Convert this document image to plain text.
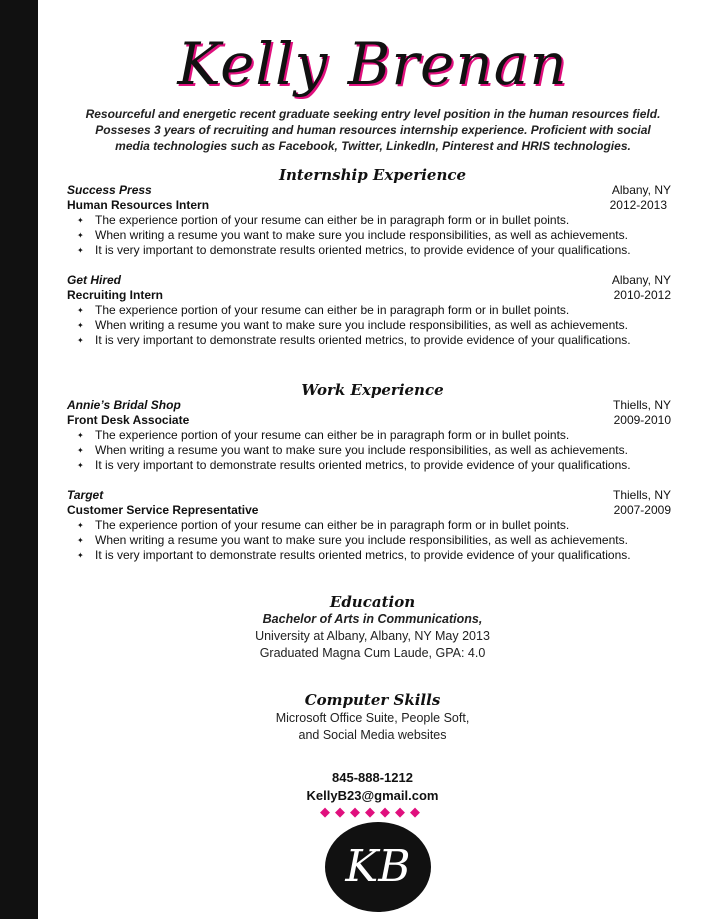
Kelly Brenan
Resourceful and energetic recent graduate seeking entry level position in the human resources field.
Posseses 3 years of recruiting and human resources internship experience. Proficient with social
media technologies such as Facebook, Twitter, LinkedIn, Pinterest and HRIS technologies.
Internship Experience
Success Press	Albany, NY
Human Resources Intern	2012-2013
✦ The experience portion of your resume can either be in paragraph form or in bullet points.
✦ When writing a resume you want to make sure you include responsibilities, as well as achievements.
✦ It is very important to demonstrate results oriented metrics, to provide evidence of your qualifications.
Get Hired	Albany, NY
Recruiting Intern	2010-2012
✦ The experience portion of your resume can either be in paragraph form or in bullet points.
✦ When writing a resume you want to make sure you include responsibilities, as well as achievements.
✦ It is very important to demonstrate results oriented metrics, to provide evidence of your qualifications.
Work Experience
Annie’s Bridal Shop	Thiells, NY
Front Desk Associate	2009-2010
✦ The experience portion of your resume can either be in paragraph form or in bullet points.
✦ When writing a resume you want to make sure you include responsibilities, as well as achievements.
✦ It is very important to demonstrate results oriented metrics, to provide evidence of your qualifications.
Target	Thiells, NY
Customer Service Representative	2007-2009
✦ The experience portion of your resume can either be in paragraph form or in bullet points.
✦ When writing a resume you want to make sure you include responsibilities, as well as achievements.
✦ It is very important to demonstrate results oriented metrics, to provide evidence of your qualifications.
Education
Bachelor of Arts in Communications,
University at Albany, Albany, NY May 2013
Graduated Magna Cum Laude, GPA: 4.0
Computer Skills
Microsoft Office Suite, People Soft,
and Social Media websites
845-888-1212
KellyB23@gmail.com
◆◆◆◆◆◆◆
KB
